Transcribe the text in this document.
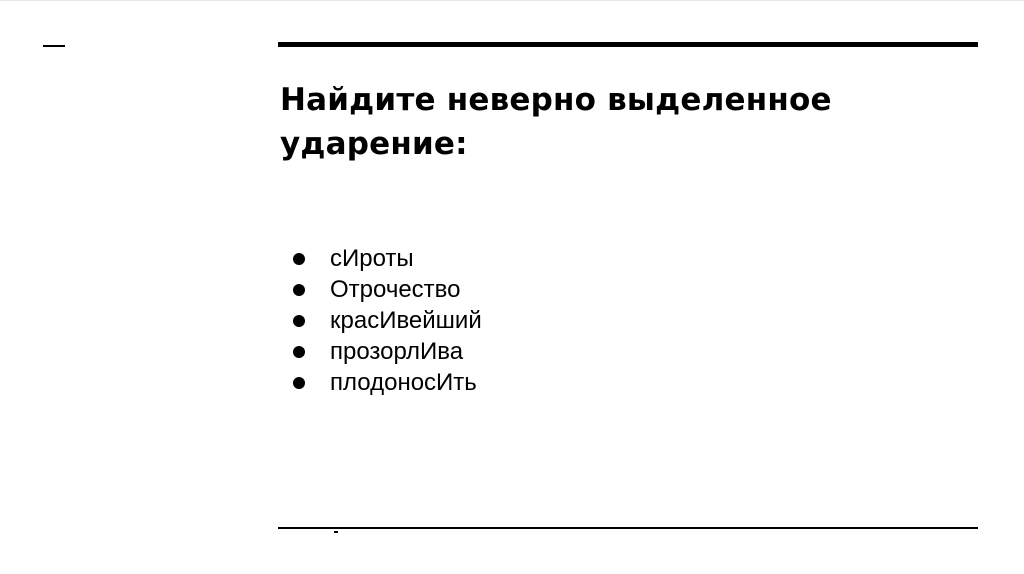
Найдите неверно выделенное ударение:
сИроты
Отрочество
красИвейший
прозорлИва
плодоносИть
